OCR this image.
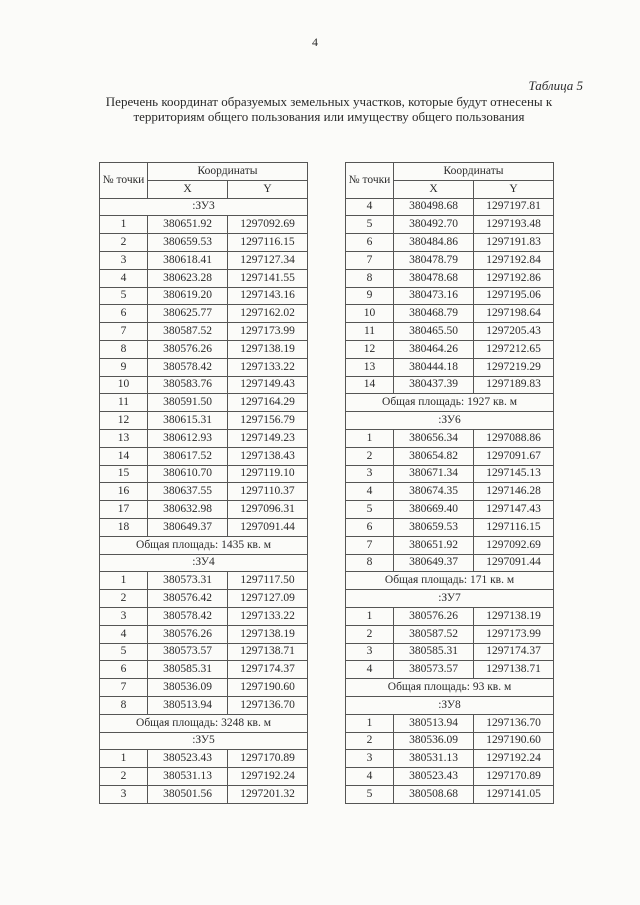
4
Таблица 5
Перечень координат образуемых земельных участков, которые будут отнесены к территориям общего пользования или имуществу общего пользования
№ точки	Координаты	
	X	Y
:ЗУ3		
1	380651.92	1297092.69
2	380659.53	1297116.15
3	380618.41	1297127.34
4	380623.28	1297141.55
5	380619.20	1297143.16
6	380625.77	1297162.02
7	380587.52	1297173.99
8	380576.26	1297138.19
9	380578.42	1297133.22
10	380583.76	1297149.43
11	380591.50	1297164.29
12	380615.31	1297156.79
13	380612.93	1297149.23
14	380617.52	1297138.43
15	380610.70	1297119.10
16	380637.55	1297110.37
17	380632.98	1297096.31
18	380649.37	1297091.44
Общая площадь: 1435 кв. м		
:ЗУ4		
1	380573.31	1297117.50
2	380576.42	1297127.09
3	380578.42	1297133.22
4	380576.26	1297138.19
5	380573.57	1297138.71
6	380585.31	1297174.37
7	380536.09	1297190.60
8	380513.94	1297136.70
Общая площадь: 3248 кв. м		
:ЗУ5		
1	380523.43	1297170.89
2	380531.13	1297192.24
3	380501.56	1297201.32
№ точки	Координаты	
	X	Y
4	380498.68	1297197.81
5	380492.70	1297193.48
6	380484.86	1297191.83
7	380478.79	1297192.84
8	380478.68	1297192.86
9	380473.16	1297195.06
10	380468.79	1297198.64
11	380465.50	1297205.43
12	380464.26	1297212.65
13	380444.18	1297219.29
14	380437.39	1297189.83
Общая площадь: 1927 кв. м		
:ЗУ6		
1	380656.34	1297088.86
2	380654.82	1297091.67
3	380671.34	1297145.13
4	380674.35	1297146.28
5	380669.40	1297147.43
6	380659.53	1297116.15
7	380651.92	1297092.69
8	380649.37	1297091.44
Общая площадь: 171 кв. м		
:ЗУ7		
1	380576.26	1297138.19
2	380587.52	1297173.99
3	380585.31	1297174.37
4	380573.57	1297138.71
Общая площадь: 93 кв. м		
:ЗУ8		
1	380513.94	1297136.70
2	380536.09	1297190.60
3	380531.13	1297192.24
4	380523.43	1297170.89
5	380508.68	1297141.05
